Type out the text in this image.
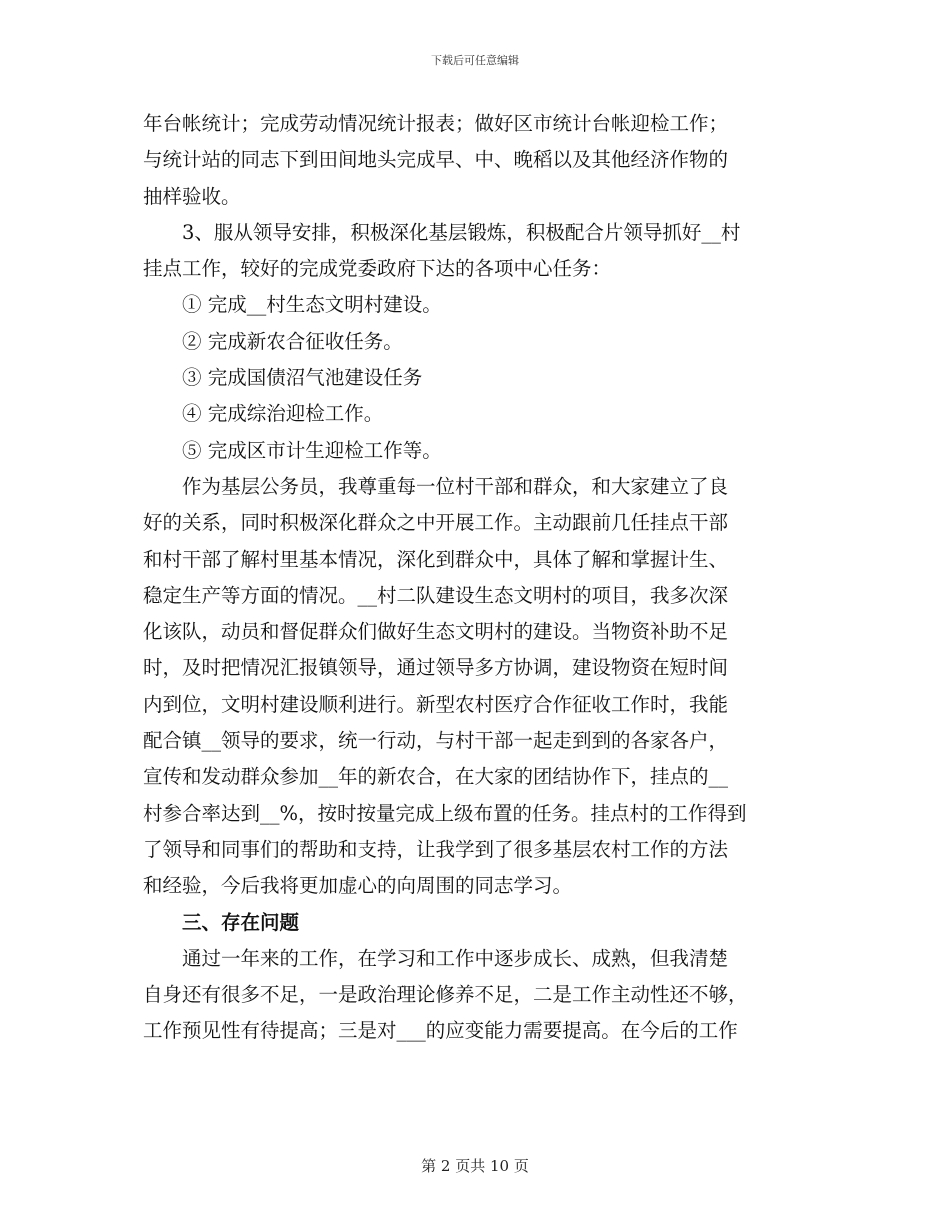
下载后可任意编辑
年台帐统计；完成劳动情况统计报表；做好区市统计台帐迎检工作；
与统计站的同志下到田间地头完成早、中、晚稻以及其他经济作物的
抽样验收。
3、服从领导安排，积极深化基层锻炼，积极配合片领导抓好__村
挂点工作，较好的完成党委政府下达的各项中心任务：
① 完成__村生态文明村建设。
② 完成新农合征收任务。
③ 完成国债沼气池建设任务
④ 完成综治迎检工作。
⑤ 完成区市计生迎检工作等。
作为基层公务员，我尊重每一位村干部和群众，和大家建立了良
好的关系，同时积极深化群众之中开展工作。主动跟前几任挂点干部
和村干部了解村里基本情况，深化到群众中，具体了解和掌握计生、
稳定生产等方面的情况。__村二队建设生态文明村的项目，我多次深
化该队，动员和督促群众们做好生态文明村的建设。当物资补助不足
时，及时把情况汇报镇领导，通过领导多方协调，建设物资在短时间
内到位，文明村建设顺利进行。新型农村医疗合作征收工作时，我能
配合镇__领导的要求，统一行动，与村干部一起走到到的各家各户，
宣传和发动群众参加__年的新农合，在大家的团结协作下，挂点的__
村参合率达到__%，按时按量完成上级布置的任务。挂点村的工作得到
了领导和同事们的帮助和支持，让我学到了很多基层农村工作的方法
和经验，今后我将更加虚心的向周围的同志学习。
三、存在问题
通过一年来的工作，在学习和工作中逐步成长、成熟，但我清楚
自身还有很多不足，一是政治理论修养不足，二是工作主动性还不够，
工作预见性有待提高；三是对___的应变能力需要提高。在今后的工作
第 2 页共 10 页
